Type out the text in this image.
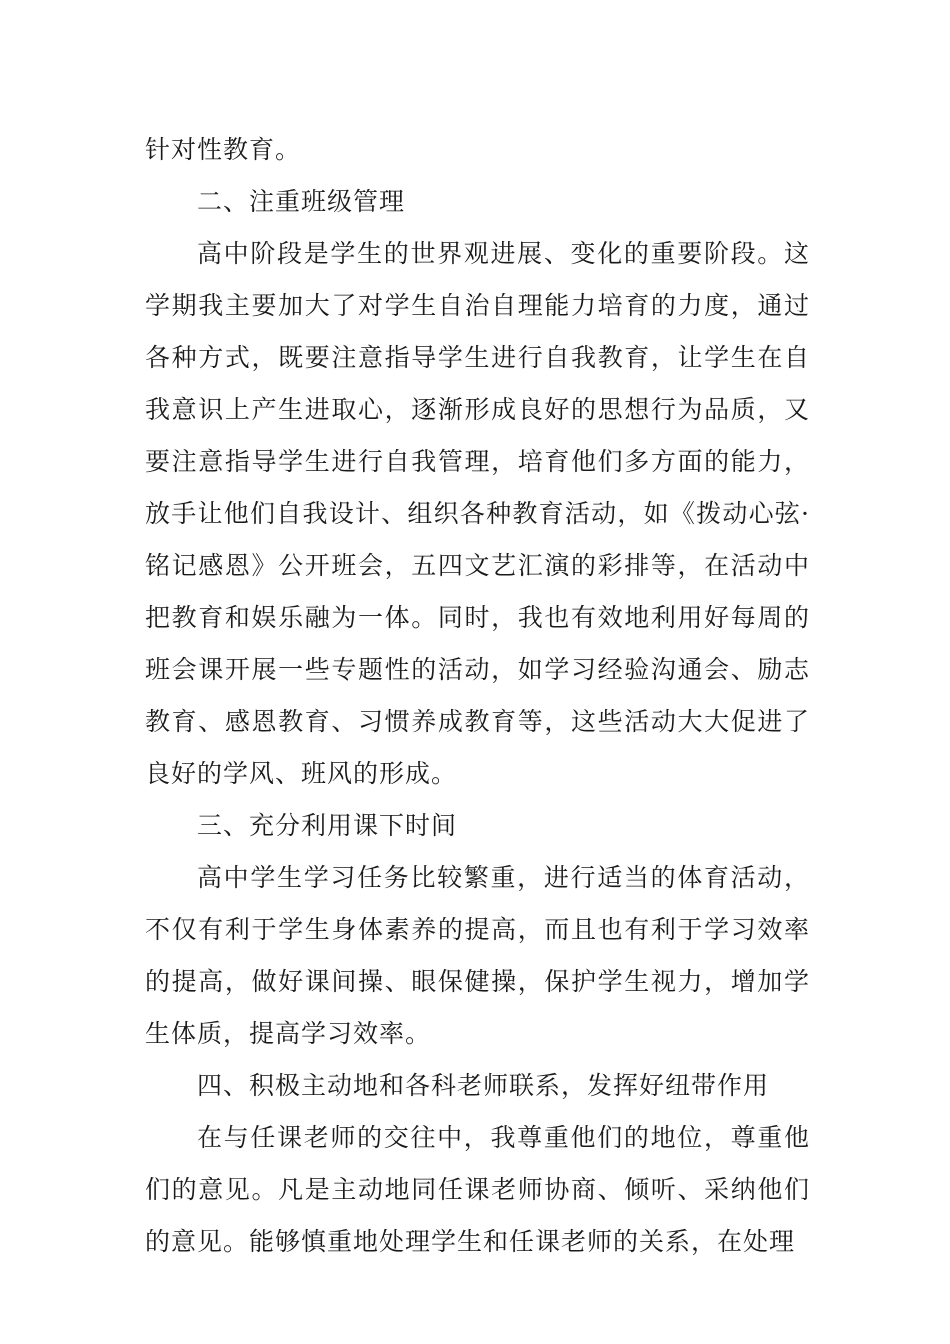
针对性教育。

二、注重班级管理

高中阶段是学生的世界观进展、变化的重要阶段。这学期我主要加大了对学生自治自理能力培育的力度，通过各种方式，既要注意指导学生进行自我教育，让学生在自我意识上产生进取心，逐渐形成良好的思想行为品质，又要注意指导学生进行自我管理，培育他们多方面的能力，放手让他们自我设计、组织各种教育活动，如《拨动心弦·铭记感恩》公开班会，五四文艺汇演的彩排等，在活动中把教育和娱乐融为一体。同时，我也有效地利用好每周的班会课开展一些专题性的活动，如学习经验沟通会、励志教育、感恩教育、习惯养成教育等，这些活动大大促进了良好的学风、班风的形成。

三、充分利用课下时间

高中学生学习任务比较繁重，进行适当的体育活动，不仅有利于学生身体素养的提高，而且也有利于学习效率的提高，做好课间操、眼保健操，保护学生视力，增加学生体质，提高学习效率。

四、积极主动地和各科老师联系，发挥好纽带作用

在与任课老师的交往中，我尊重他们的地位，尊重他们的意见。凡是主动地同任课老师协商、倾听、采纳他们的意见。能够慎重地处理学生和任课老师的关系，在处理
